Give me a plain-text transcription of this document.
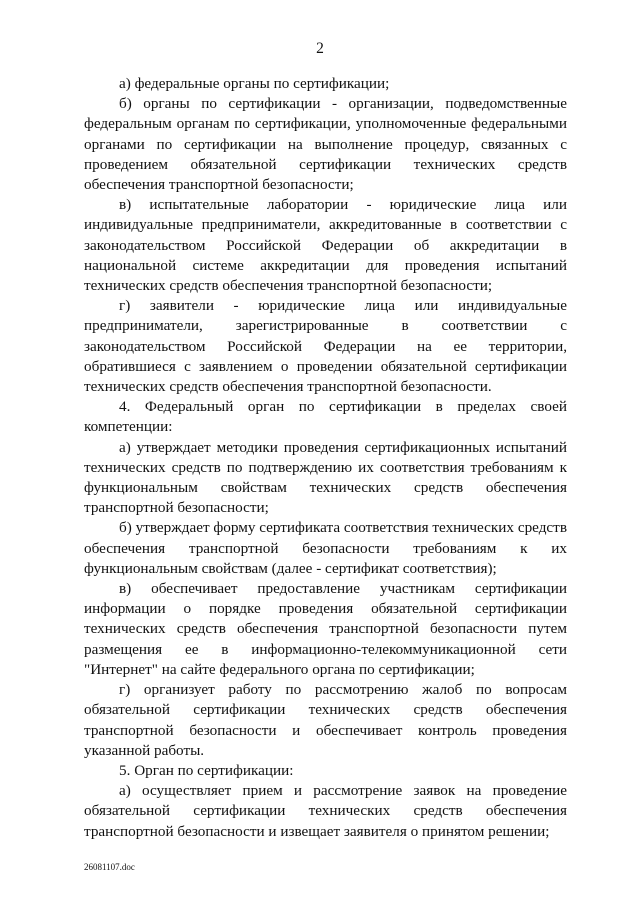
2

а) федеральные органы по сертификации;

б) органы по сертификации - организации, подведомственные федеральным органам по сертификации, уполномоченные федеральными органами по сертификации на выполнение процедур, связанных с проведением обязательной сертификации технических средств обеспечения транспортной безопасности;

в) испытательные лаборатории - юридические лица или индивидуальные предприниматели, аккредитованные в соответствии с законодательством Российской Федерации об аккредитации в национальной системе аккредитации для проведения испытаний технических средств обеспечения транспортной безопасности;

г) заявители - юридические лица или индивидуальные предприниматели, зарегистрированные в соответствии с законодательством Российской Федерации на ее территории, обратившиеся с заявлением о проведении обязательной сертификации технических средств обеспечения транспортной безопасности.

4. Федеральный орган по сертификации в пределах своей компетенции:

а) утверждает методики проведения сертификационных испытаний технических средств по подтверждению их соответствия требованиям к функциональным свойствам технических средств обеспечения транспортной безопасности;

б) утверждает форму сертификата соответствия технических средств обеспечения транспортной безопасности требованиям к их функциональным свойствам (далее - сертификат соответствия);

в) обеспечивает предоставление участникам сертификации информации о порядке проведения обязательной сертификации технических средств обеспечения транспортной безопасности путем размещения ее в информационно-телекоммуникационной сети "Интернет" на сайте федерального органа по сертификации;

г) организует работу по рассмотрению жалоб по вопросам обязательной сертификации технических средств обеспечения транспортной безопасности и обеспечивает контроль проведения указанной работы.

5. Орган по сертификации:

а) осуществляет прием и рассмотрение заявок на проведение обязательной сертификации технических средств обеспечения транспортной безопасности и извещает заявителя о принятом решении;

26081107.doc
